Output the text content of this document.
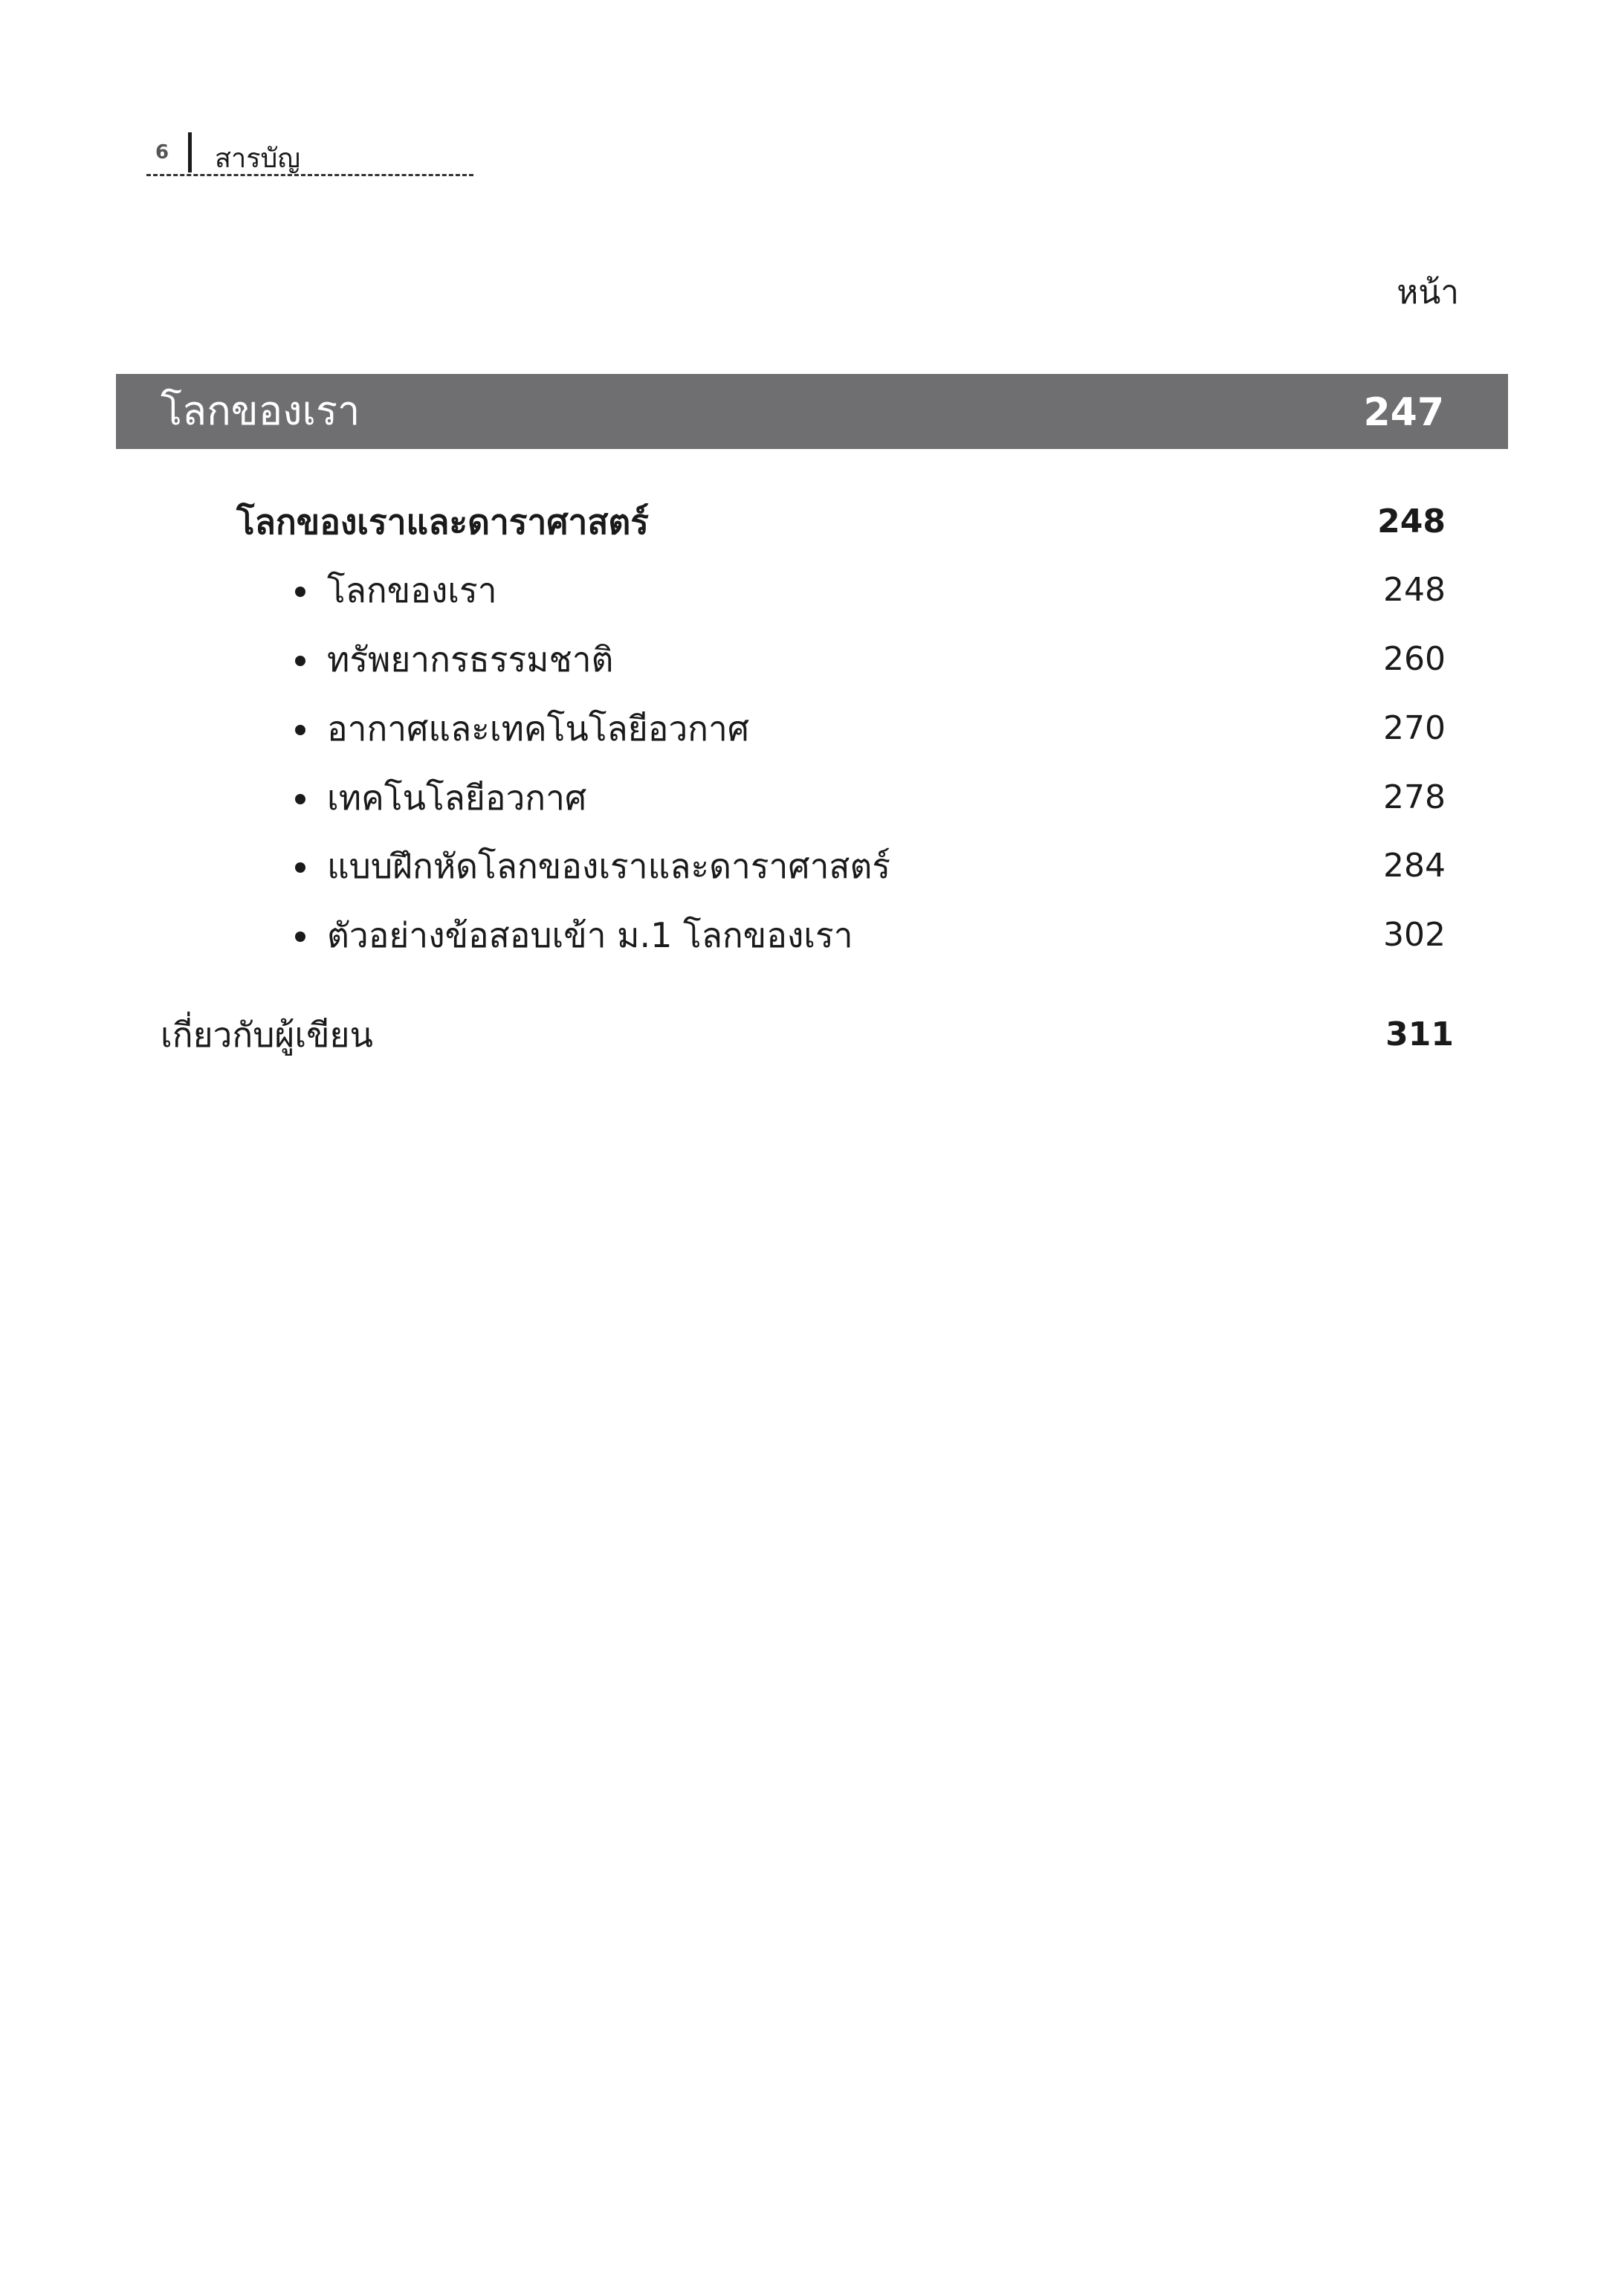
6 สารบัญ
หน้า
โลกของเรา	247
โลกของเราและดาราศาสตร์	248
โลกของเรา	248
ทรัพยากรธรรมชาติ	260
อากาศและเทคโนโลยีอวกาศ	270
เทคโนโลยีอวกาศ	278
แบบฝึกหัดโลกของเราและดาราศาสตร์	284
ตัวอย่างข้อสอบเข้า ม.1 โลกของเรา	302
เกี่ยวกับผู้เขียน	311
